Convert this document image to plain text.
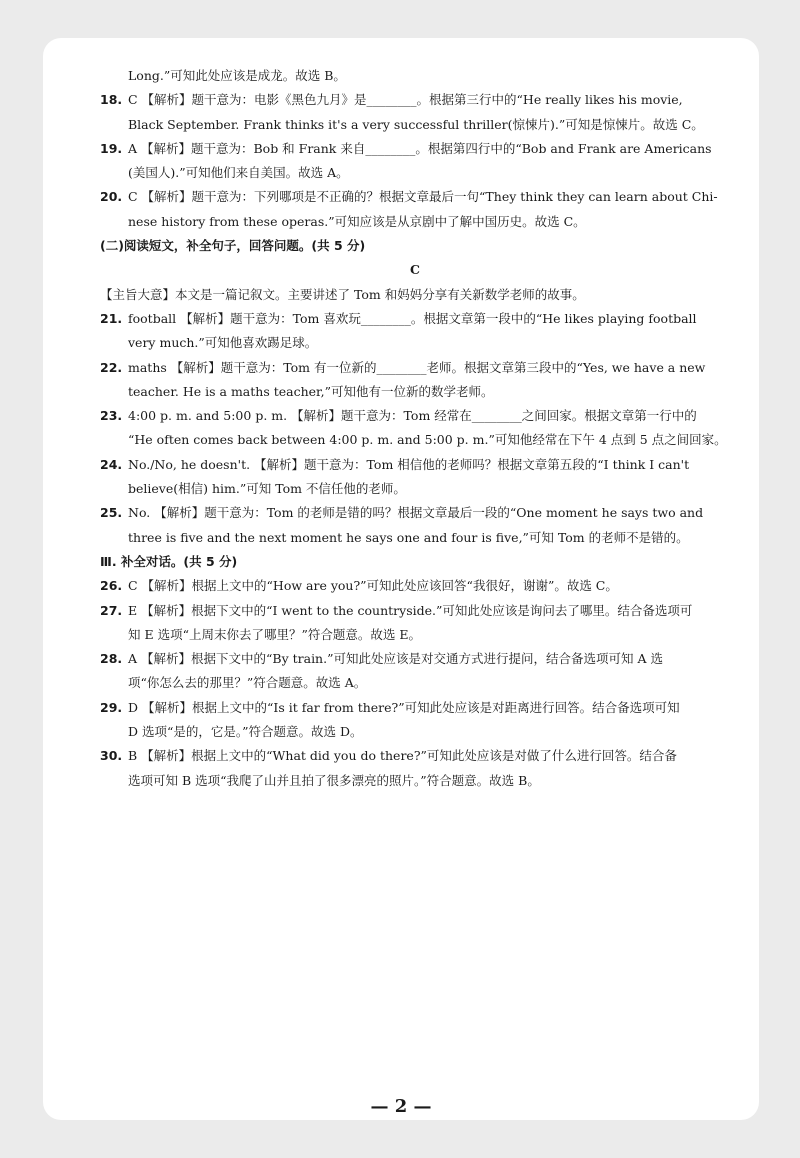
Long.”可知此处应该是成龙。故选 B。
18. C 【解析】题干意为：电影《黑色九月》是________。根据第三行中的“He really likes his movie,
Black September. Frank thinks it's a very successful thriller(惊悚片).”可知是惊悚片。故选 C。
19. A 【解析】题干意为：Bob 和 Frank 来自________。根据第四行中的“Bob and Frank are Americans
(美国人).”可知他们来自美国。故选 A。
20. C 【解析】题干意为：下列哪项是不正确的？根据文章最后一句“They think they can learn about Chi-
nese history from these operas.”可知应该是从京剧中了解中国历史。故选 C。
(二)阅读短文，补全句子，回答问题。(共 5 分)
C
【主旨大意】本文是一篇记叙文。主要讲述了 Tom 和妈妈分享有关新数学老师的故事。
21. football 【解析】题干意为：Tom 喜欢玩________。根据文章第一段中的“He likes playing football
very much.”可知他喜欢踢足球。
22. maths 【解析】题干意为：Tom 有一位新的________老师。根据文章第三段中的“Yes, we have a new
teacher. He is a maths teacher,”可知他有一位新的数学老师。
23. 4:00 p. m. and 5:00 p. m. 【解析】题干意为：Tom 经常在________之间回家。根据文章第一行中的
“He often comes back between 4:00 p. m. and 5:00 p. m.”可知他经常在下午 4 点到 5 点之间回家。
24. No./No, he doesn't. 【解析】题干意为：Tom 相信他的老师吗？根据文章第五段的“I think I can't
believe(相信) him.”可知 Tom 不信任他的老师。
25. No. 【解析】题干意为：Tom 的老师是错的吗？根据文章最后一段的“One moment he says two and
three is five and the next moment he says one and four is five,”可知 Tom 的老师不是错的。
Ⅲ. 补全对话。(共 5 分)
26. C 【解析】根据上文中的“How are you?”可知此处应该回答“我很好，谢谢”。故选 C。
27. E 【解析】根据下文中的“I went to the countryside.”可知此处应该是询问去了哪里。结合备选项可
知 E 选项“上周末你去了哪里？”符合题意。故选 E。
28. A 【解析】根据下文中的“By train.”可知此处应该是对交通方式进行提问，结合备选项可知 A 选
项“你怎么去的那里？”符合题意。故选 A。
29. D 【解析】根据上文中的“Is it far from there?”可知此处应该是对距离进行回答。结合备选项可知
D 选项“是的，它是。”符合题意。故选 D。
30. B 【解析】根据上文中的“What did you do there?”可知此处应该是对做了什么进行回答。结合备
选项可知 B 选项“我爬了山并且拍了很多漂亮的照片。”符合题意。故选 B。
— 2 —
